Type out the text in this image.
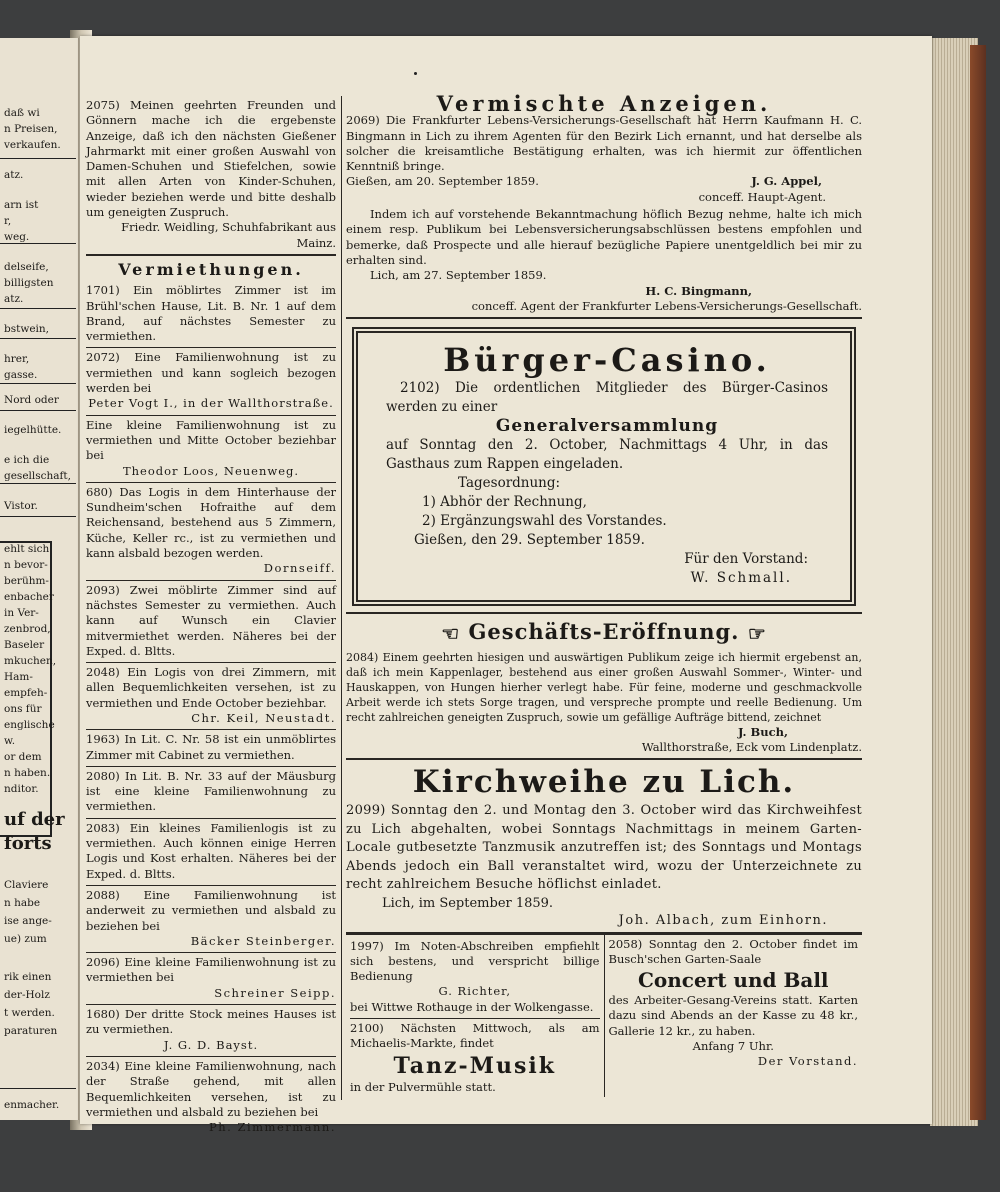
daß wi
n Preisen,
verkaufen.
atz.
arn ist
r,
weg.
delseife,
billigsten
atz.
bstwein,
hrer,
gasse.
Nord oder
iegelhütte.
e ich die
gesellschaft,
Vistor.
ehlt sich
n bevor-
berühm-
enbacher
in Ver-
zenbrod,
Baseler
mkuchen,
Ham-
empfeh-
ons für
englische
w.
or dem
n haben.
nditor.
uf der
forts
Claviere
n habe
ise ange-
ue) zum
rik einen
der-Holz
t werden.
paraturen
enmacher.

2075) Meinen geehrten Freunden und Gönnern mache ich die ergebenste Anzeige, daß ich den nächsten Gießener Jahrmarkt mit einer großen Auswahl von Damen-Schuhen und Stiefelchen, sowie mit allen Arten von Kinder-Schuhen, wieder beziehen werde und bitte deshalb um geneigten Zuspruch.

Friedr. Weidling, Schuhfabrikant aus Mainz.

Vermiethungen.

1701) Ein möblirtes Zimmer ist im Brühl'schen Hause, Lit. B. Nr. 1 auf dem Brand, auf nächstes Semester zu vermiethen.

2072) Eine Familienwohnung ist zu vermiethen und kann sogleich bezogen werden bei

Peter Vogt I., in der Wallthorstraße.

Eine kleine Familienwohnung ist zu vermiethen und Mitte October beziehbar bei

Theodor Loos, Neuenweg.

680) Das Logis in dem Hinterhause der Sundheim'schen Hofraithe auf dem Reichensand, bestehend aus 5 Zimmern, Küche, Keller rc., ist zu vermiethen und kann alsbald bezogen werden.

Dornseiff.

2093) Zwei möblirte Zimmer sind auf nächstes Semester zu vermiethen. Auch kann auf Wunsch ein Clavier mitvermiethet werden. Näheres bei der Exped. d. Bltts.

2048) Ein Logis von drei Zimmern, mit allen Bequemlichkeiten versehen, ist zu vermiethen und Ende October beziehbar.

Chr. Keil, Neustadt.

1963) In Lit. C. Nr. 58 ist ein unmöblirtes Zimmer mit Cabinet zu vermiethen.

2080) In Lit. B. Nr. 33 auf der Mäusburg ist eine kleine Familienwohnung zu vermiethen.

2083) Ein kleines Familienlogis ist zu vermiethen. Auch können einige Herren Logis und Kost erhalten. Näheres bei der Exped. d. Bltts.

2088) Eine Familienwohnung ist anderweit zu vermiethen und alsbald zu beziehen bei

Bäcker Steinberger.

2096) Eine kleine Familienwohnung ist zu vermiethen bei

Schreiner Seipp.

1680) Der dritte Stock meines Hauses ist zu vermiethen.

J. G. D. Bayst.

2034) Eine kleine Familienwohnung, nach der Straße gehend, mit allen Bequemlichkeiten versehen, ist zu vermiethen und alsbald zu beziehen bei

Ph. Zimmermann.

Vermischte Anzeigen.

2069) Die Frankfurter Lebens-Versicherungs-Gesellschaft hat Herrn Kaufmann H. C. Bingmann in Lich zu ihrem Agenten für den Bezirk Lich ernannt, und hat derselbe als solcher die kreisamtliche Bestätigung erhalten, was ich hiermit zur öffentlichen Kenntniß bringe.

Gießen, am 20. September 1859.	J. G. Appel,

conceff. Haupt-Agent.

Indem ich auf vorstehende Bekanntmachung höflich Bezug nehme, halte ich mich einem resp. Publikum bei Lebensversicherungsabschlüssen bestens empfohlen und bemerke, daß Prospecte und alle hierauf bezügliche Papiere unentgeldlich bei mir zu erhalten sind.

Lich, am 27. September 1859.

H. C. Bingmann,

conceff. Agent der Frankfurter Lebens-Versicherungs-Gesellschaft.

Bürger-Casino.

2102) Die ordentlichen Mitglieder des Bürger-Casinos werden zu einer

Generalversammlung

auf Sonntag den 2. October, Nachmittags 4 Uhr, in das Gasthaus zum Rappen eingeladen.

Tagesordnung:

1) Abhör der Rechnung,

2) Ergänzungswahl des Vorstandes.

Gießen, den 29. September 1859.

Für den Vorstand:

W. Schmall.

☜ Geschäfts-Eröffnung. ☞

2084) Einem geehrten hiesigen und auswärtigen Publikum zeige ich hiermit ergebenst an, daß ich mein Kappenlager, bestehend aus einer großen Auswahl Sommer-, Winter- und Hauskappen, von Hungen hierher verlegt habe. Für feine, moderne und geschmackvolle Arbeit werde ich stets Sorge tragen, und verspreche prompte und reelle Bedienung. Um recht zahlreichen geneigten Zuspruch, sowie um gefällige Aufträge bittend, zeichnet

J. Buch,

Wallthorstraße, Eck vom Lindenplatz.

Kirchweihe zu Lich.

2099) Sonntag den 2. und Montag den 3. October wird das Kirchweihfest zu Lich abgehalten, wobei Sonntags Nachmittags in meinem Garten-Locale gutbesetzte Tanzmusik anzutreffen ist; des Sonntags und Montags Abends jedoch ein Ball veranstaltet wird, wozu der Unterzeichnete zu recht zahlreichem Besuche höflichst einladet.

Lich, im September 1859.

Joh. Albach, zum Einhorn.

1997) Im Noten-Abschreiben empfiehlt sich bestens, und verspricht billige Bedienung

G. Richter,

bei Wittwe Rothauge in der Wolkengasse.

2100) Nächsten Mittwoch, als am Michaelis-Markte, findet

Tanz-Musik

in der Pulvermühle statt.

2058) Sonntag den 2. October findet im Busch'schen Garten-Saale

Concert und Ball

des Arbeiter-Gesang-Vereins statt. Karten dazu sind Abends an der Kasse zu 48 kr., Gallerie 12 kr., zu haben.

Anfang 7 Uhr.

Der Vorstand.
